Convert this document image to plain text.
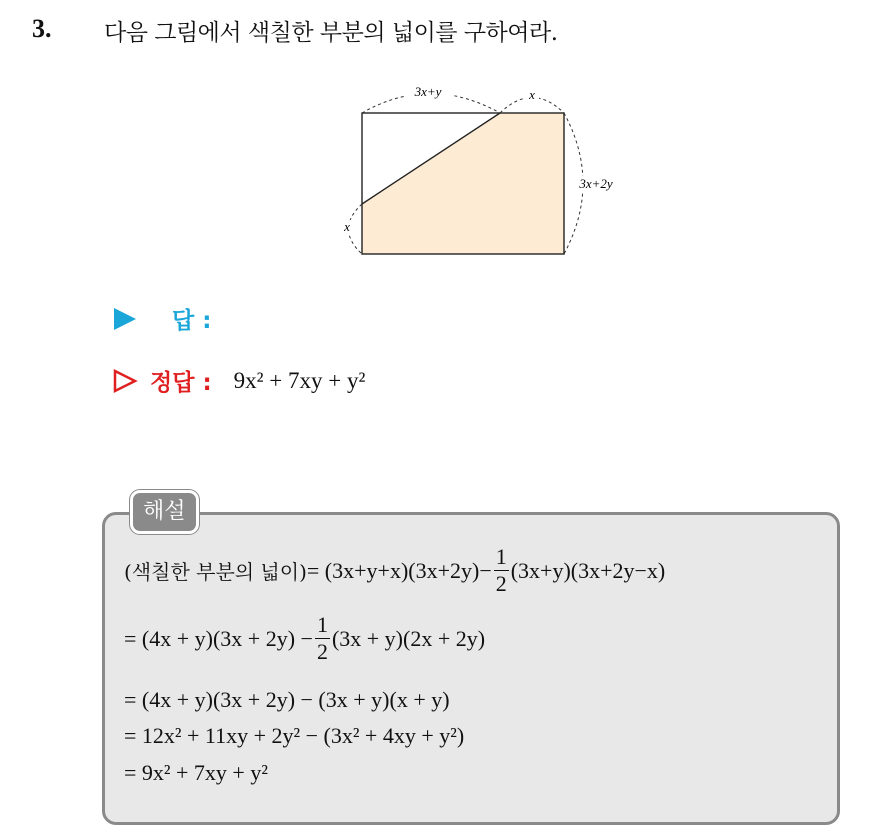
3. 다음 그림에서 색칠한 부분의 넓이를 구하여라.
3x+y	x
3x+2y
x
답 :
정답 : 9x² + 7xy + y²
해설
(색칠한 부분의 넓이) = $(3x+y+x)(3x+2y)- \frac{1}{2} (3x+y)(3x+2y-x)$
= $(4x + y)(3x + 2y) - \frac{1}{2} (3x + y)(2x + 2y)$
= (4x + y)(3x + 2y) − (3x + y)(x + y)
= 12x² + 11xy + 2y² − (3x² + 4xy + y²)
= 9x² + 7xy + y²
